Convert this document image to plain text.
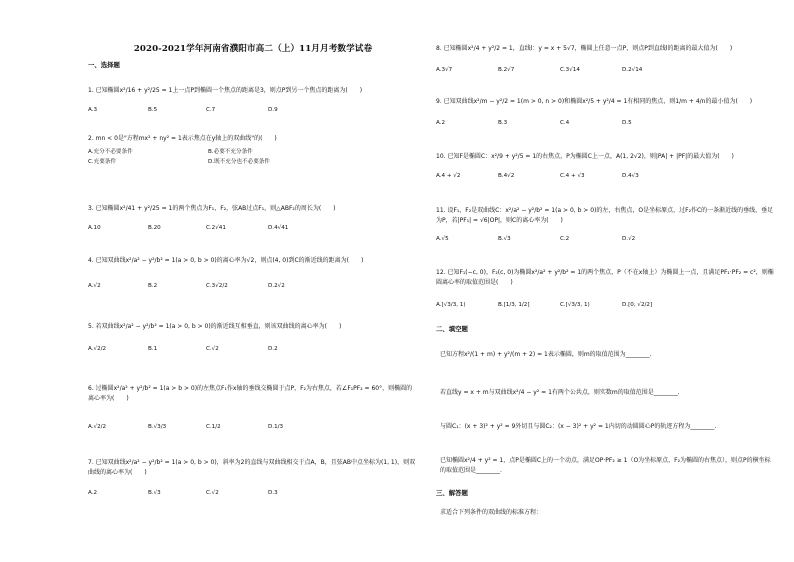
2020-2021学年河南省濮阳市高二（上）11月月考数学试卷
一、选择题
1. 已知椭圆x²/16 + y²/25 = 1上一点P到椭圆一个焦点的距离是3，则点P到另一个焦点的距离为(　　)
A.3	B.5	C.7	D.9
2. mn < 0是"方程mx² + ny² = 1表示焦点在y轴上的双曲线"的(　　)
A.充分不必要条件	B.必要不充分条件
C.充要条件	D.既不充分也不必要条件
3. 已知椭圆x²/41 + y²/25 = 1的两个焦点为F₁，F₂，弦AB过点F₁，则△ABF₂的周长为(　　)
A.10	B.20	C.2√41	D.4√41
4. 已知双曲线x²/a² − y²/b² = 1(a > 0, b > 0)的离心率为√2，则点(4, 0)到C的渐近线的距离为(　　)
A.√2	B.2	C.3√2/2	D.2√2
5. 若双曲线x²/a² − y²/b² = 1(a > 0, b > 0)的渐近线互相垂直，则该双曲线的离心率为(　　)
A.√2/2	B.1	C.√2	D.2
6. 过椭圆x²/a² + y²/b² = 1(a > b > 0)的左焦点F₁作x轴的垂线交椭圆于点P，F₂为右焦点，若∠F₁PF₂ = 60°，则椭圆的离心率为(　　)
A.√2/2	B.√3/3	C.1/2	D.1/3
7. 已知双曲线x²/a² − y²/b² = 1(a > 0, b > 0)，斜率为2的直线与双曲线相交于点A，B，且弦AB中点坐标为(1, 1)，则双曲线的离心率为(　　)
A.2	B.√3	C.√2	D.3
8. 已知椭圆x²/4 + y²/2 = 1，直线l：y = x + 5√7，椭圆上任意一点P，则点P到直线l的距离的最大值为(　　)
A.3√7	B.2√7	C.3√14	D.2√14
9. 已知双曲线x²/m − y²/2 = 1(m > 0, n > 0)和椭圆x²/5 + y²/4 = 1有相同的焦点，则1/m + 4/n的最小值为(　　)
A.2	B.3	C.4	D.5
10. 已知F是椭圆C：x²/9 + y²/5 = 1的右焦点，P为椭圆C上一点，A(1, 2√2)，则|PA| + |PF|的最大值为(　　)
A.4 + √2	B.4√2	C.4 + √3	D.4√3
11. 设F₁，F₂是双曲线C：x²/a² − y²/b² = 1(a > 0, b > 0)的左，右焦点，O是坐标原点，过F₂作C的一条渐近线的垂线，垂足为P，若|PF₁| = √6|OP|，则C的离心率为(　　)
A.√5	B.√3	C.2	D.√2
12. 已知F₁(−c, 0)，F₂(c, 0)为椭圆x²/a² + y²/b² = 1的两个焦点，P（不在x轴上）为椭圆上一点，且满足PF₁·PF₂ = c²，则椭圆离心率的取值范围是(　　)
A.[√3/3, 1)	B.[1/3, 1/2]	C.[√3/3, 1)	D.[0, √2/2]
二、填空题
已知方程x²/(1 + m) + y²/(m + 2) = 1表示椭圆，则m的取值范围为________.
若直线y = x + m与双曲线x²/4 − y² = 1有两个公共点，则实数m的取值范围是________.
与圆C₁：(x + 3)² + y² = 9外切且与圆C₂：(x − 3)² + y² = 1内切的动圆圆心P的轨迹方程为________.
已知椭圆x²/4 + y² = 1，点P是椭圆C上的一个动点，满足OP·PF₂ ≥ 1（O为坐标原点，F₂为椭圆的右焦点），则点P的横坐标的取值范围是________.
三、解答题
求适合下列条件的双曲线的标准方程：
